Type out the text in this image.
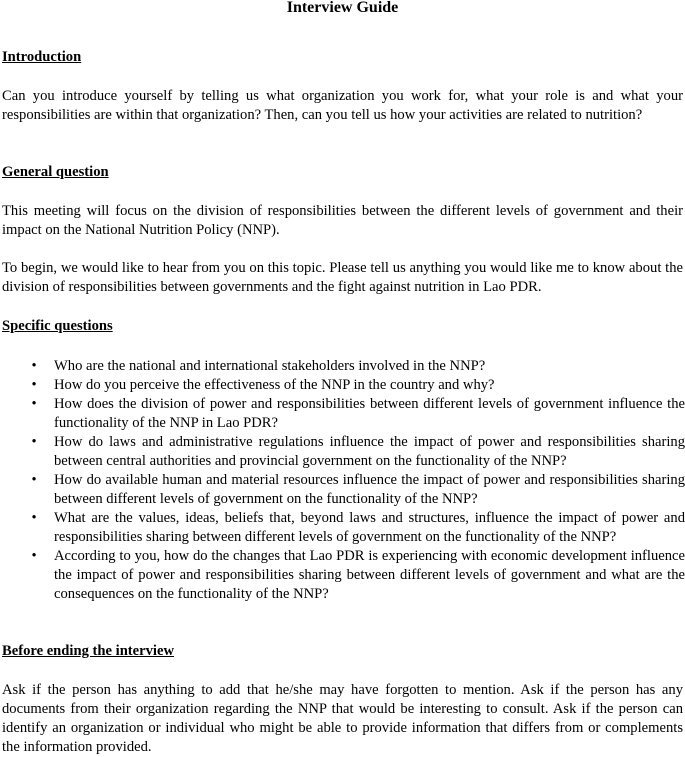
Interview Guide

Introduction

Can you introduce yourself by telling us what organization you work for, what your role is and what your responsibilities are within that organization? Then, can you tell us how your activities are related to nutrition?

General question

This meeting will focus on the division of responsibilities between the different levels of government and their impact on the National Nutrition Policy (NNP).

To begin, we would like to hear from you on this topic. Please tell us anything you would like me to know about the division of responsibilities between governments and the fight against nutrition in Lao PDR.

Specific questions

• Who are the national and international stakeholders involved in the NNP?
• How do you perceive the effectiveness of the NNP in the country and why?
• How does the division of power and responsibilities between different levels of government influence the functionality of the NNP in Lao PDR?
• How do laws and administrative regulations influence the impact of power and responsibilities sharing between central authorities and provincial government on the functionality of the NNP?
• How do available human and material resources influence the impact of power and responsibilities sharing between different levels of government on the functionality of the NNP?
• What are the values, ideas, beliefs that, beyond laws and structures, influence the impact of power and responsibilities sharing between different levels of government on the functionality of the NNP?
• According to you, how do the changes that Lao PDR is experiencing with economic development influence the impact of power and responsibilities sharing between different levels of government and what are the consequences on the functionality of the NNP?

Before ending the interview

Ask if the person has anything to add that he/she may have forgotten to mention. Ask if the person has any documents from their organization regarding the NNP that would be interesting to consult. Ask if the person can identify an organization or individual who might be able to provide information that differs from or complements the information provided.
